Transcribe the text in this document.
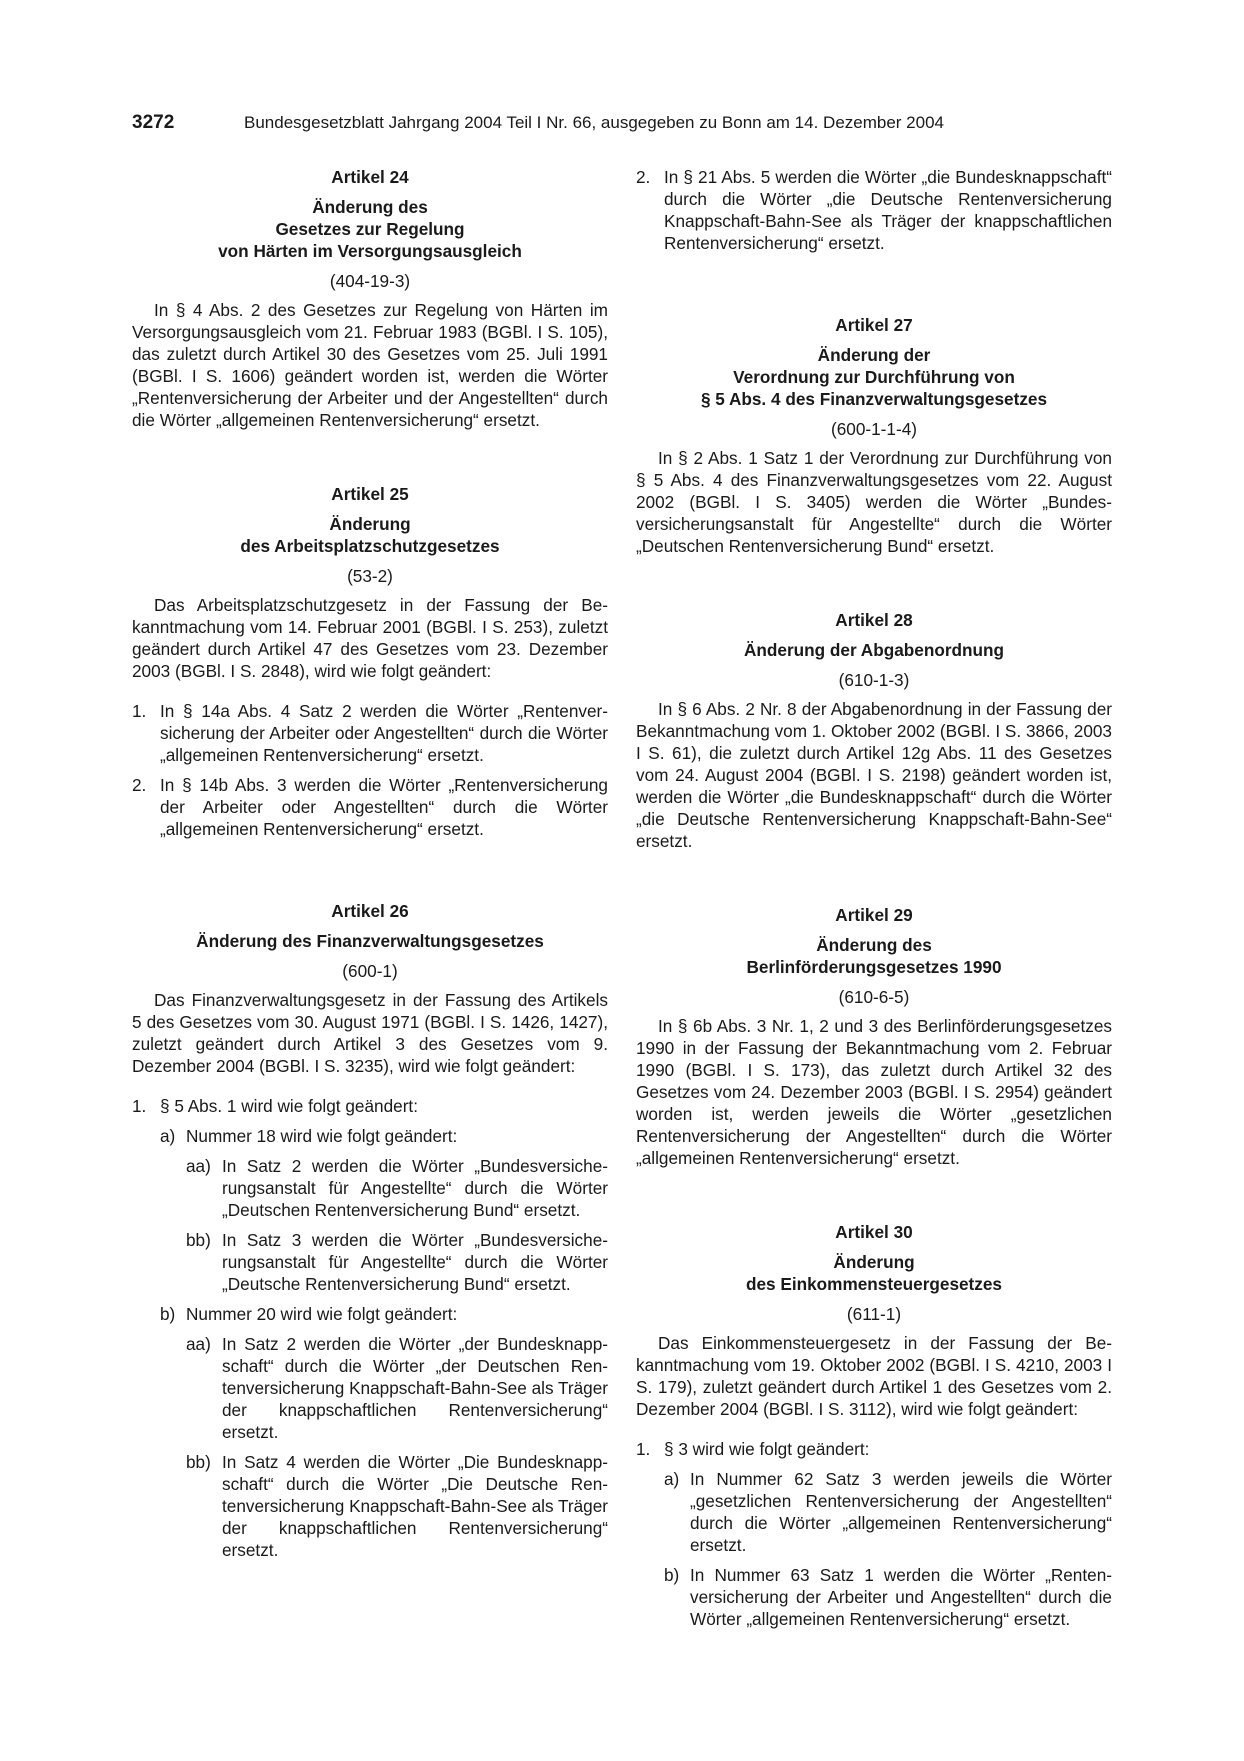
3272	Bundesgesetzblatt Jahrgang 2004 Teil I Nr. 66, ausgegeben zu Bonn am 14. Dezember 2004
Artikel 24
Änderung des
Gesetzes zur Regelung
von Härten im Versorgungsausgleich
(404-19-3)

In § 4 Abs. 2 des Gesetzes zur Regelung von Härten im Versorgungsausgleich vom 21. Februar 1983 (BGBl. I S. 105), das zuletzt durch Artikel 30 des Gesetzes vom 25. Juli 1991 (BGBl. I S. 1606) geändert worden ist, werden die Wörter „Rentenversicherung der Arbeiter und der Angestellten“ durch die Wörter „allgemeinen Rentenversicherung“ ersetzt.

Artikel 25
Änderung
des Arbeitsplatzschutzgesetzes
(53-2)

Das Arbeitsplatzschutzgesetz in der Fassung der Bekanntmachung vom 14. Februar 2001 (BGBl. I S. 253), zuletzt geändert durch Artikel 47 des Gesetzes vom 23. Dezember 2003 (BGBl. I S. 2848), wird wie folgt geändert:

1. In § 14a Abs. 4 Satz 2 werden die Wörter „Rentenversicherung der Arbeiter oder Angestellten“ durch die Wörter „allgemeinen Rentenversicherung“ ersetzt.
2. In § 14b Abs. 3 werden die Wörter „Rentenversicherung der Arbeiter oder Angestellten“ durch die Wörter „allgemeinen Rentenversicherung“ ersetzt.
Artikel 26
Änderung des Finanzverwaltungsgesetzes
(600-1)

Das Finanzverwaltungsgesetz in der Fassung des Artikels 5 des Gesetzes vom 30. August 1971 (BGBl. I S. 1426, 1427), zuletzt geändert durch Artikel 3 des Gesetzes vom 9. Dezember 2004 (BGBl. I S. 3235), wird wie folgt geändert:

1. § 5 Abs. 1 wird wie folgt geändert:
a) Nummer 18 wird wie folgt geändert:
aa) In Satz 2 werden die Wörter „Bundesversicherungsanstalt für Angestellte“ durch die Wörter „Deutschen Rentenversicherung Bund“ ersetzt.
bb) In Satz 3 werden die Wörter „Bundesversicherungsanstalt für Angestellte“ durch die Wörter „Deutsche Rentenversicherung Bund“ ersetzt.
b) Nummer 20 wird wie folgt geändert:
aa) In Satz 2 werden die Wörter „der Bundesknappschaft“ durch die Wörter „der Deutschen Rentenversicherung Knappschaft-Bahn-See als Träger der knappschaftlichen Rentenversicherung“ ersetzt.
bb) In Satz 4 werden die Wörter „Die Bundesknappschaft“ durch die Wörter „Die Deutsche Rentenversicherung Knappschaft-Bahn-See als Träger der knappschaftlichen Rentenversicherung“ ersetzt.
2. In § 21 Abs. 5 werden die Wörter „die Bundesknappschaft“ durch die Wörter „die Deutsche Rentenversicherung Knappschaft-Bahn-See als Träger der knappschaftlichen Rentenversicherung“ ersetzt.
Artikel 27
Änderung der
Verordnung zur Durchführung von
§ 5 Abs. 4 des Finanzverwaltungsgesetzes
(600-1-1-4)

In § 2 Abs. 1 Satz 1 der Verordnung zur Durchführung von § 5 Abs. 4 des Finanzverwaltungsgesetzes vom 22. August 2002 (BGBl. I S. 3405) werden die Wörter „Bundesversicherungsanstalt für Angestellte“ durch die Wörter „Deutschen Rentenversicherung Bund“ ersetzt.

Artikel 28
Änderung der Abgabenordnung
(610-1-3)

In § 6 Abs. 2 Nr. 8 der Abgabenordnung in der Fassung der Bekanntmachung vom 1. Oktober 2002 (BGBl. I S. 3866, 2003 I S. 61), die zuletzt durch Artikel 12g Abs. 11 des Gesetzes vom 24. August 2004 (BGBl. I S. 2198) geändert worden ist, werden die Wörter „die Bundesknappschaft“ durch die Wörter „die Deutsche Rentenversicherung Knappschaft-Bahn-See“ ersetzt.

Artikel 29
Änderung des
Berlinförderungsgesetzes 1990
(610-6-5)

In § 6b Abs. 3 Nr. 1, 2 und 3 des Berlinförderungsgesetzes 1990 in der Fassung der Bekanntmachung vom 2. Februar 1990 (BGBl. I S. 173), das zuletzt durch Artikel 32 des Gesetzes vom 24. Dezember 2003 (BGBl. I S. 2954) geändert worden ist, werden jeweils die Wörter „gesetzlichen Rentenversicherung der Angestellten“ durch die Wörter „allgemeinen Rentenversicherung“ ersetzt.

Artikel 30
Änderung
des Einkommensteuergesetzes
(611-1)

Das Einkommensteuergesetz in der Fassung der Bekanntmachung vom 19. Oktober 2002 (BGBl. I S. 4210, 2003 I S. 179), zuletzt geändert durch Artikel 1 des Gesetzes vom 2. Dezember 2004 (BGBl. I S. 3112), wird wie folgt geändert:

1. § 3 wird wie folgt geändert:
a) In Nummer 62 Satz 3 werden jeweils die Wörter „gesetzlichen Rentenversicherung der Angestellten“ durch die Wörter „allgemeinen Rentenversicherung“ ersetzt.
b) In Nummer 63 Satz 1 werden die Wörter „Rentenversicherung der Arbeiter und Angestellten“ durch die Wörter „allgemeinen Rentenversicherung“ ersetzt.
